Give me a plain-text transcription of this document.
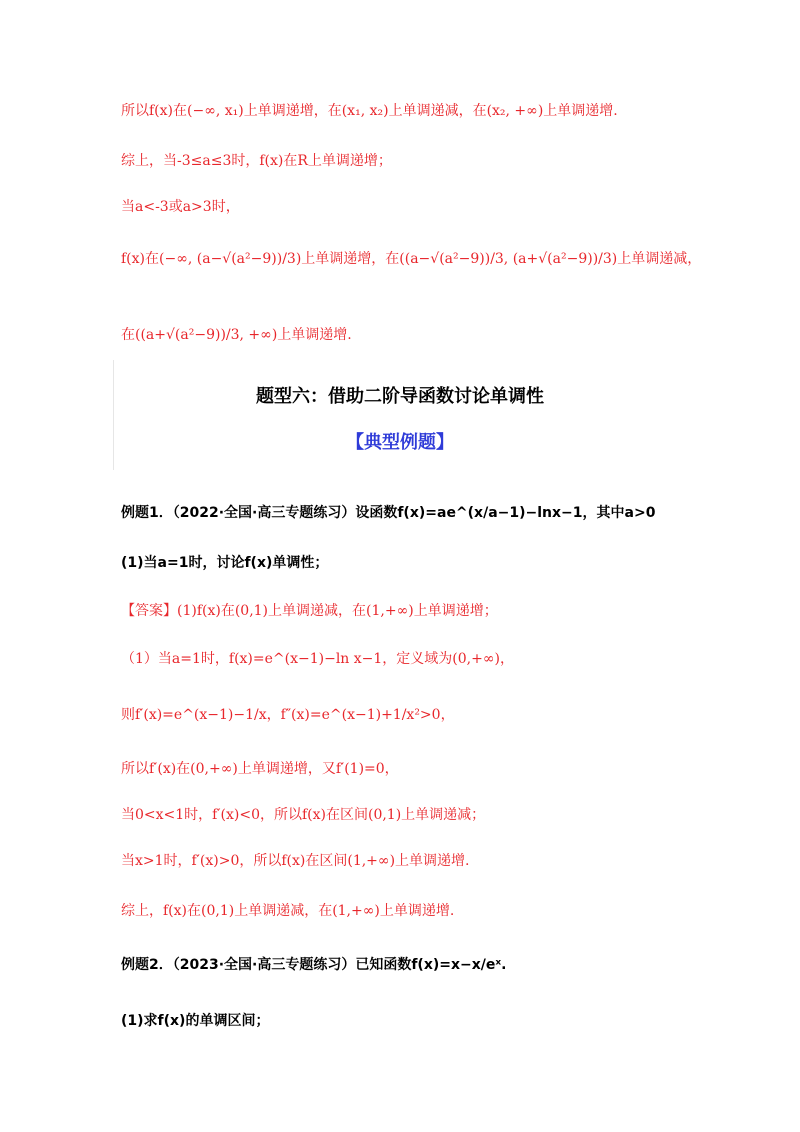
所以f(x)在(−∞, x₁)上单调递增，在(x₁, x₂)上单调递减，在(x₂, +∞)上单调递增.
综上，当-3≤a≤3时，f(x)在R上单调递增；
当a<-3或a>3时，
f(x)在(−∞, (a−√(a²−9))/3)上单调递增，在((a−√(a²−9))/3, (a+√(a²−9))/3)上单调递减，
在((a+√(a²−9))/3, +∞)上单调递增.
题型六：借助二阶导函数讨论单调性
【典型例题】
例题1．（2022·全国·高三专题练习）设函数f(x)=ae^(x/a−1)−lnx−1，其中a>0
(1)当a=1时，讨论f(x)单调性；
【答案】(1)f(x)在(0,1)上单调递减，在(1,+∞)上单调递增；
（1）当a=1时，f(x)=e^(x−1)−ln x−1，定义域为(0,+∞)，
则f′(x)=e^(x−1)−1/x，f″(x)=e^(x−1)+1/x²>0，
所以f′(x)在(0,+∞)上单调递增，又f′(1)=0，
当0<x<1时，f′(x)<0，所以f(x)在区间(0,1)上单调递减；
当x>1时，f′(x)>0，所以f(x)在区间(1,+∞)上单调递增.
综上，f(x)在(0,1)上单调递减，在(1,+∞)上单调递增.
例题2．（2023·全国·高三专题练习）已知函数f(x)=x−x/eˣ.
(1)求f(x)的单调区间；
